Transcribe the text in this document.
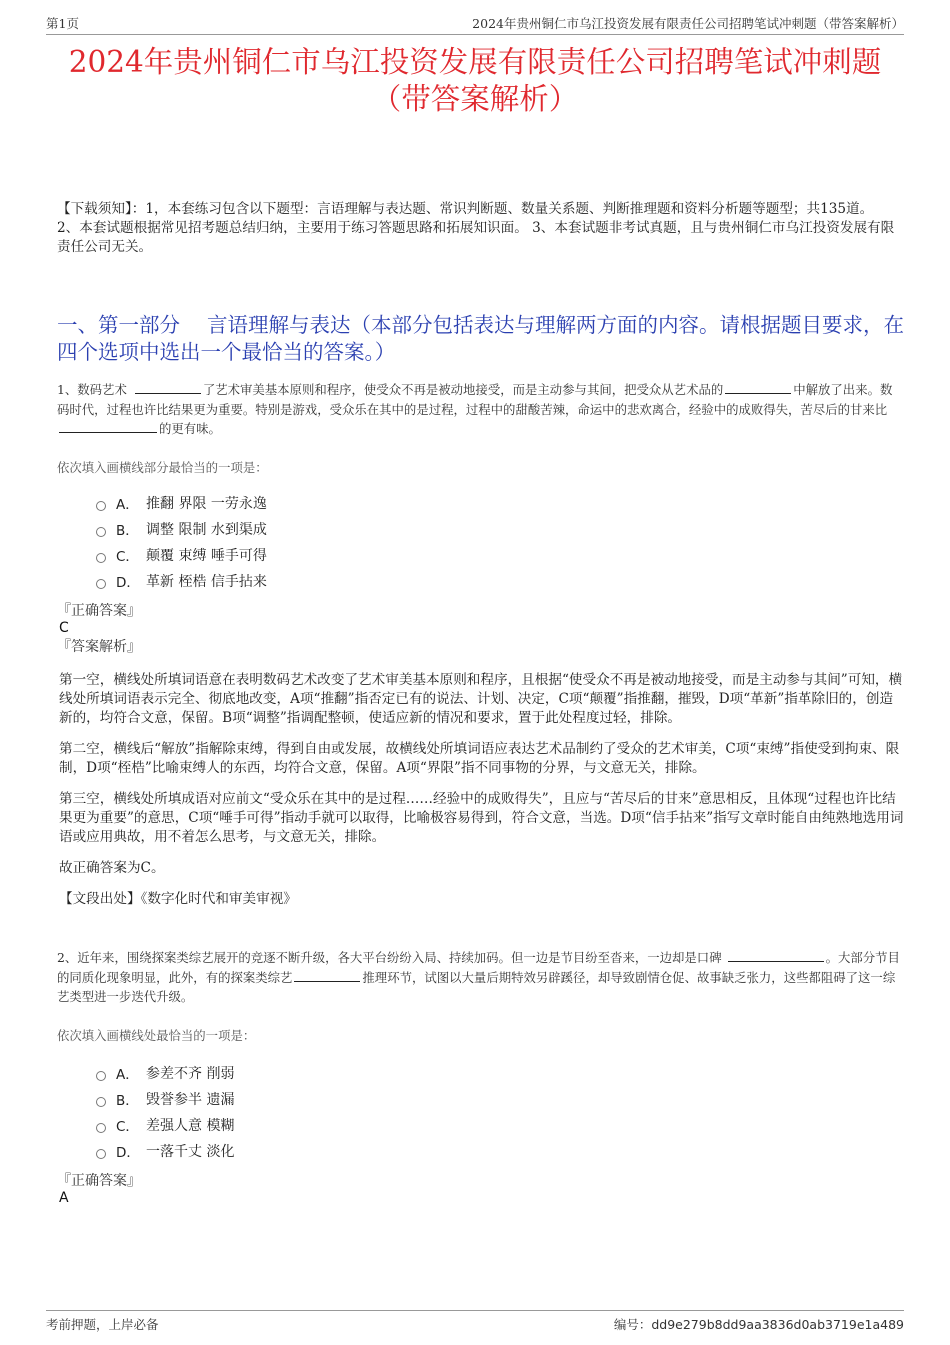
第1页	2024年贵州铜仁市乌江投资发展有限责任公司招聘笔试冲刺题（带答案解析）
2024年贵州铜仁市乌江投资发展有限责任公司招聘笔试冲刺题
（带答案解析）

【下载须知】：1，本套练习包含以下题型：言语理解与表达题、常识判断题、数量关系题、判断推理题和资料分析题等题型；共135道。 2、本套试题根据常见招考题总结归纳，主要用于练习答题思路和拓展知识面。 3、本套试题非考试真题，且与贵州铜仁市乌江投资发展有限责任公司无关。

一、第一部分　 言语理解与表达（本部分包括表达与理解两方面的内容。请根据题目要求，在四个选项中选出一个最恰当的答案。）

1、数码艺术	了艺术审美基本原则和程序，使受众不再是被动地接受，而是主动参与其间，把受众从艺术品的	中解放了出来。数码时代，过程也许比结果更为重要。特别是游戏，受众乐在其中的是过程，过程中的甜酸苦辣，命运中的悲欢离合，经验中的成败得失，苦尽后的甘来比的更有味。

依次填入画横线部分最恰当的一项是：

A． 推翻 界限 一劳永逸
B． 调整 限制 水到渠成
C． 颠覆 束缚 唾手可得
D． 革新 桎梏 信手拈来

『正确答案』

C

『答案解析』

第一空，横线处所填词语意在表明数码艺术改变了艺术审美基本原则和程序，且根据“使受众不再是被动地接受，而是主动参与其间”可知，横线处所填词语表示完全、彻底地改变，A项“推翻”指否定已有的说法、计划、决定，C项“颠覆”指推翻，摧毁，D项“革新”指革除旧的，创造新的，均符合文意，保留。B项“调整”指调配整顿，使适应新的情况和要求，置于此处程度过轻，排除。

第二空，横线后“解放”指解除束缚，得到自由或发展，故横线处所填词语应表达艺术品制约了受众的艺术审美，C项“束缚”指使受到拘束、限制，D项“桎梏”比喻束缚人的东西，均符合文意，保留。A项“界限”指不同事物的分界，与文意无关，排除。

第三空，横线处所填成语对应前文“受众乐在其中的是过程……经验中的成败得失”，且应与“苦尽后的甘来”意思相反，且体现“过程也许比结果更为重要”的意思，C项“唾手可得”指动手就可以取得，比喻极容易得到，符合文意，当选。D项“信手拈来”指写文章时能自由纯熟地选用词语或应用典故，用不着怎么思考，与文意无关，排除。

故正确答案为C。

【文段出处】《数字化时代和审美审视》

2、近年来，围绕探案类综艺展开的竞逐不断升级，各大平台纷纷入局、持续加码。但一边是节目纷至沓来，一边却是口碑	。大部分节目的同质化现象明显，此外，有的探案类综艺	推理环节，试图以大量后期特效另辟蹊径，却导致剧情仓促、故事缺乏张力，这些都阻碍了这一综艺类型进一步迭代升级。

依次填入画横线处最恰当的一项是：

A． 参差不齐 削弱
B． 毁誉参半 遗漏
C． 差强人意 模糊
D． 一落千丈 淡化

『正确答案』

A

考前押题，上岸必备	编号：dd9e279b8dd9aa3836d0ab3719e1a489
